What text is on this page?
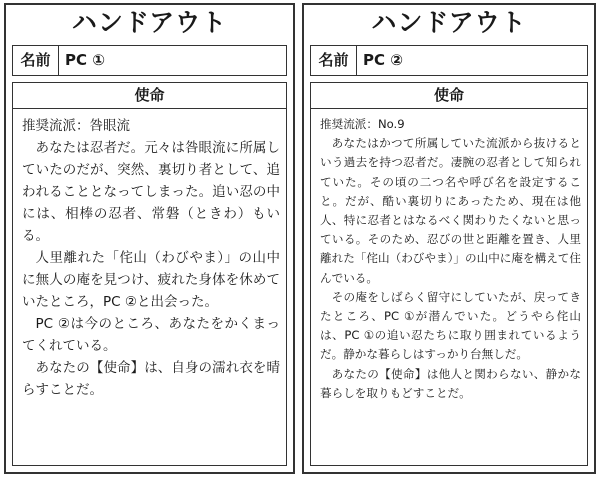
ハンドアウト
名前 PC ①
使命

推奨流派：咎眼流

あなたは忍者だ。元々は咎眼流に所属していたのだが、突然、裏切り者として、追われることとなってしまった。追い忍の中には、相棒の忍者、常磐（ときわ）もいる。

人里離れた「侘山（わびやま）」の山中に無人の庵を見つけ、疲れた身体を休めていたところ，PC ②と出会った。

PC ②は今のところ、あなたをかくまってくれている。

あなたの【使命】は、自身の濡れ衣を晴らすことだ。

ハンドアウト
名前 PC ②
使命

推奨流派：No.9

あなたはかつて所属していた流派から抜けるという過去を持つ忍者だ。凄腕の忍者として知られていた。その頃の二つ名や呼び名を設定すること。だが、酷い裏切りにあったため、現在は他人、特に忍者とはなるべく関わりたくないと思っている。そのため、忍びの世と距離を置き、人里離れた「侘山（わびやま）」の山中に庵を構えて住んでいる。

その庵をしばらく留守にしていたが、戻ってきたところ、PC ①が潜んでいた。どうやら侘山は、PC ①の追い忍たちに取り囲まれているようだ。静かな暮らしはすっかり台無しだ。

あなたの【使命】は他人と関わらない、静かな暮らしを取りもどすことだ。
